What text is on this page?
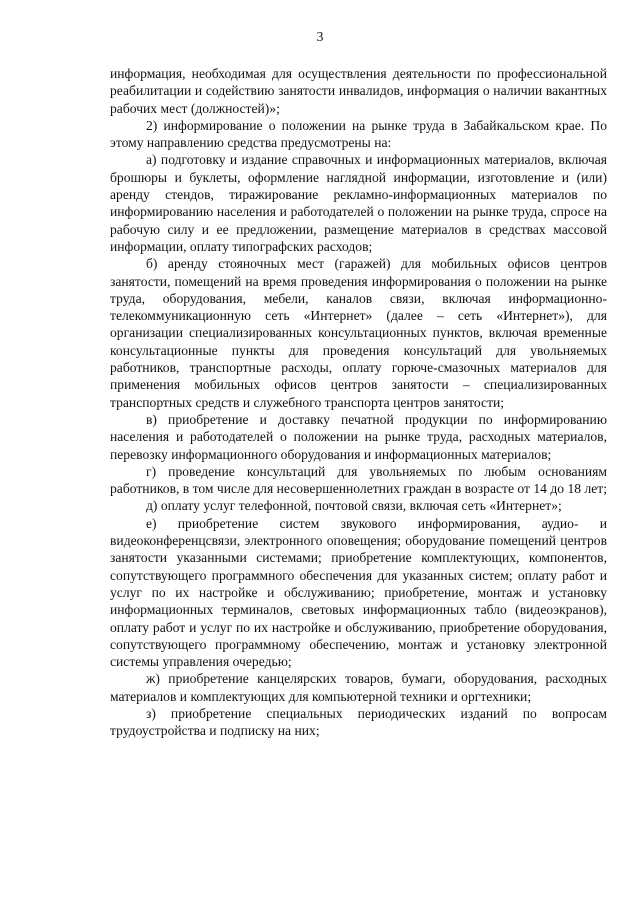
3

информация, необходимая для осуществления деятельности по профессиональной реабилитации и содействию занятости инвалидов, информация о наличии вакантных рабочих мест (должностей)»;

2) информирование о положении на рынке труда в Забайкальском крае. По этому направлению средства предусмотрены на:

а) подготовку и издание справочных и информационных материалов, включая брошюры и буклеты, оформление наглядной информации, изготовление и (или) аренду стендов, тиражирование рекламно-информационных материалов по информированию населения и работодателей о положении на рынке труда, спросе на рабочую силу и ее предложении, размещение материалов в средствах массовой информации, оплату типографских расходов;

б) аренду стояночных мест (гаражей) для мобильных офисов центров занятости, помещений на время проведения информирования о положении на рынке труда, оборудования, мебели, каналов связи, включая информационно-телекоммуникационную сеть «Интернет» (далее – сеть «Интернет»), для организации специализированных консультационных пунктов, включая временные консультационные пункты для проведения консультаций для увольняемых работников, транспортные расходы, оплату горюче-смазочных материалов для применения мобильных офисов центров занятости – специализированных транспортных средств и служебного транспорта центров занятости;

в) приобретение и доставку печатной продукции по информированию населения и работодателей о положении на рынке труда, расходных материалов, перевозку информационного оборудования и информационных материалов;

г) проведение консультаций для увольняемых по любым основаниям работников, в том числе для несовершеннолетних граждан в возрасте от 14 до 18 лет;

д) оплату услуг телефонной, почтовой связи, включая сеть «Интернет»;

е) приобретение систем звукового информирования, аудио- и видеоконференцсвязи, электронного оповещения; оборудование помещений центров занятости указанными системами; приобретение комплектующих, компонентов, сопутствующего программного обеспечения для указанных систем; оплату работ и услуг по их настройке и обслуживанию; приобретение, монтаж и установку информационных терминалов, световых информационных табло (видеоэкранов), оплату работ и услуг по их настройке и обслуживанию, приобретение оборудования, сопутствующего программному обеспечению, монтаж и установку электронной системы управления очередью;

ж) приобретение канцелярских товаров, бумаги, оборудования, расходных материалов и комплектующих для компьютерной техники и оргтехники;

з) приобретение специальных периодических изданий по вопросам трудоустройства и подписку на них;
